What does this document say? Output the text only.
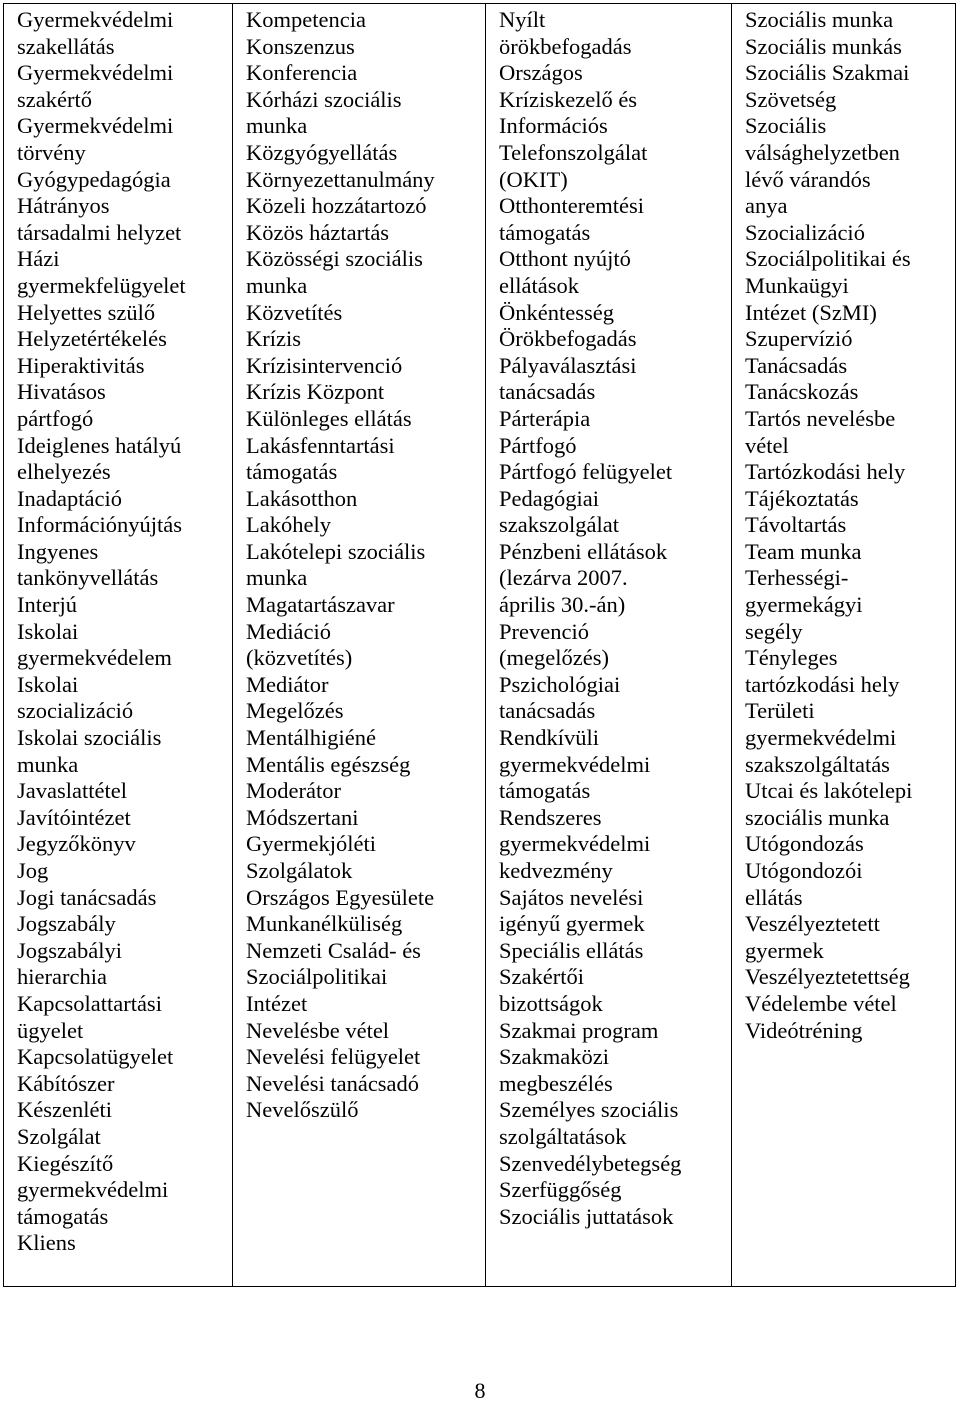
Gyermekvédelmi
szakellátás
Gyermekvédelmi
szakértő
Gyermekvédelmi
törvény
Gyógypedagógia
Hátrányos
társadalmi helyzet
Házi
gyermekfelügyelet
Helyettes szülő
Helyzetértékelés
Hiperaktivitás
Hivatásos
pártfogó
Ideiglenes hatályú
elhelyezés
Inadaptáció
Információnyújtás
Ingyenes
tankönyvellátás
Interjú
Iskolai
gyermekvédelem
Iskolai
szocializáció
Iskolai szociális
munka
Javaslattétel
Javítóintézet
Jegyzőkönyv
Jog
Jogi tanácsadás
Jogszabály
Jogszabályi
hierarchia
Kapcsolattartási
ügyelet
Kapcsolatügyelet
Kábítószer
Készenléti
Szolgálat
Kiegészítő
gyermekvédelmi
támogatás
Kliens
Kompetencia
Konszenzus
Konferencia
Kórházi szociális
munka
Közgyógyellátás
Környezettanulmány
Közeli hozzátartozó
Közös háztartás
Közösségi szociális
munka
Közvetítés
Krízis
Krízisintervenció
Krízis Központ
Különleges ellátás
Lakásfenntartási
támogatás
Lakásotthon
Lakóhely
Lakótelepi szociális
munka
Magatartászavar
Mediáció
(közvetítés)
Mediátor
Megelőzés
Mentálhigiéné
Mentális egészség
Moderátor
Módszertani
Gyermekjóléti
Szolgálatok
Országos Egyesülete
Munkanélküliség
Nemzeti Család- és
Szociálpolitikai
Intézet
Nevelésbe vétel
Nevelési felügyelet
Nevelési tanácsadó
Nevelőszülő
Nyílt
örökbefogadás
Országos
Kríziskezelő és
Információs
Telefonszolgálat
(OKIT)
Otthonteremtési
támogatás
Otthont nyújtó
ellátások
Önkéntesség
Örökbefogadás
Pályaválasztási
tanácsadás
Párterápia
Pártfogó
Pártfogó felügyelet
Pedagógiai
szakszolgálat
Pénzbeni ellátások
(lezárva 2007.
április 30.-án)
Prevenció
(megelőzés)
Pszichológiai
tanácsadás
Rendkívüli
gyermekvédelmi
támogatás
Rendszeres
gyermekvédelmi
kedvezmény
Sajátos nevelési
igényű gyermek
Speciális ellátás
Szakértői
bizottságok
Szakmai program
Szakmaközi
megbeszélés
Személyes szociális
szolgáltatások
Szenvedélybetegség
Szerfüggőség
Szociális juttatások
Szociális munka
Szociális munkás
Szociális Szakmai
Szövetség
Szociális
válsághelyzetben
lévő várandós
anya
Szocializáció
Szociálpolitikai és
Munkaügyi
Intézet (SzMI)
Szupervízió
Tanácsadás
Tanácskozás
Tartós nevelésbe
vétel
Tartózkodási hely
Tájékoztatás
Távoltartás
Team munka
Terhességi-
gyermekágyi
segély
Tényleges
tartózkodási hely
Területi
gyermekvédelmi
szakszolgáltatás
Utcai és lakótelepi
szociális munka
Utógondozás
Utógondozói
ellátás
Veszélyeztetett
gyermek
Veszélyeztetettség
Védelembe vétel
Videótréning
8
